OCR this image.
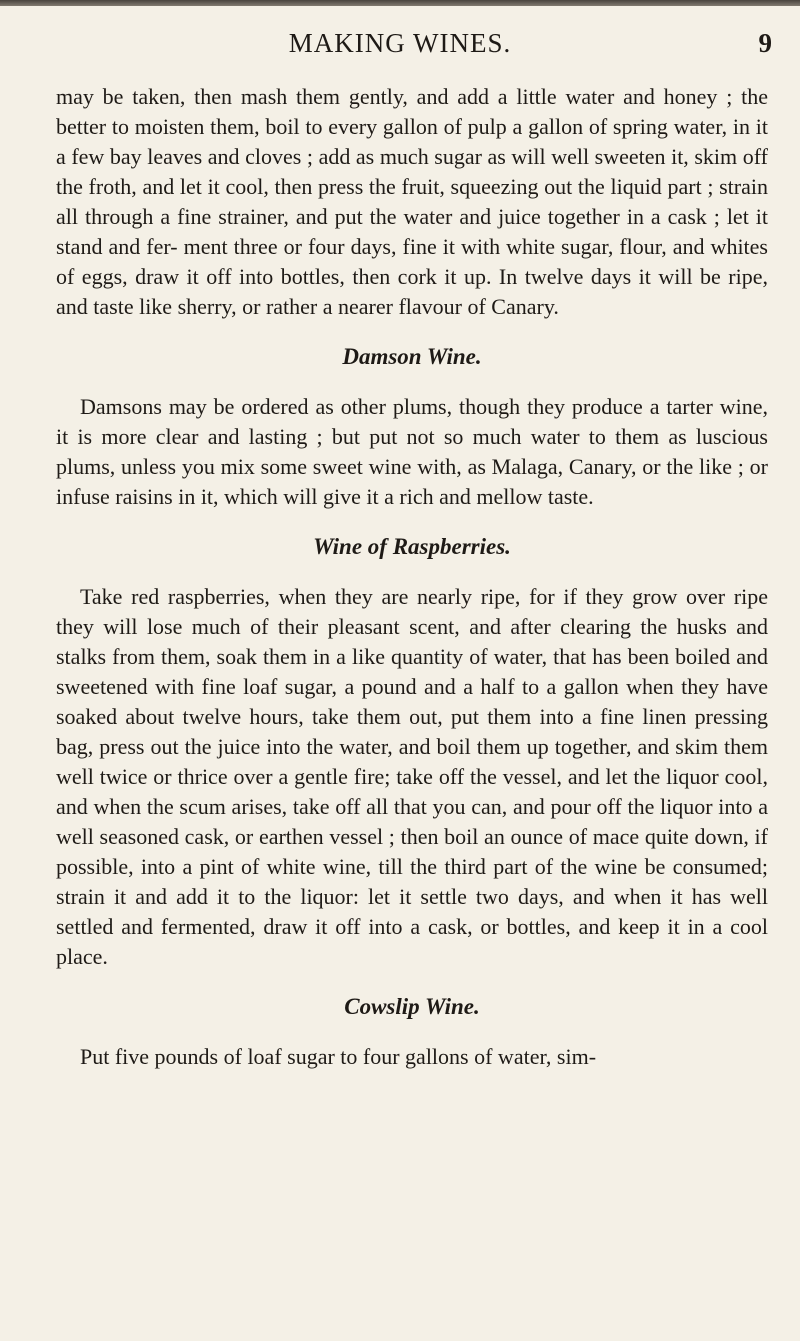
MAKING WINES.	9

may be taken, then mash them gently, and add a little water and honey ; the better to moisten them, boil to every gallon of pulp a gallon of spring water, in it a few bay leaves and cloves ; add as much sugar as will well sweeten it, skim off the froth, and let it cool, then press the fruit, squeezing out the liquid part ; strain all through a fine strainer, and put the water and juice together in a cask ; let it stand and fer- ment three or four days, fine it with white sugar, flour, and whites of eggs, draw it off into bottles, then cork it up. In twelve days it will be ripe, and taste like sherry, or rather a nearer flavour of Canary.

Damson Wine.

Damsons may be ordered as other plums, though they produce a tarter wine, it is more clear and lasting ; but put not so much water to them as luscious plums, unless you mix some sweet wine with, as Malaga, Canary, or the like ; or infuse raisins in it, which will give it a rich and mellow taste.

Wine of Raspberries.

Take red raspberries, when they are nearly ripe, for if they grow over ripe they will lose much of their pleasant scent, and after clearing the husks and stalks from them, soak them in a like quantity of water, that has been boiled and sweetened with fine loaf sugar, a pound and a half to a gallon when they have soaked about twelve hours, take them out, put them into a fine linen pressing bag, press out the juice into the water, and boil them up together, and skim them well twice or thrice over a gentle fire; take off the vessel, and let the liquor cool, and when the scum arises, take off all that you can, and pour off the liquor into a well seasoned cask, or earthen vessel ; then boil an ounce of mace quite down, if possible, into a pint of white wine, till the third part of the wine be consumed; strain it and add it to the liquor: let it settle two days, and when it has well settled and fermented, draw it off into a cask, or bottles, and keep it in a cool place.

Cowslip Wine.

Put five pounds of loaf sugar to four gallons of water, sim-
